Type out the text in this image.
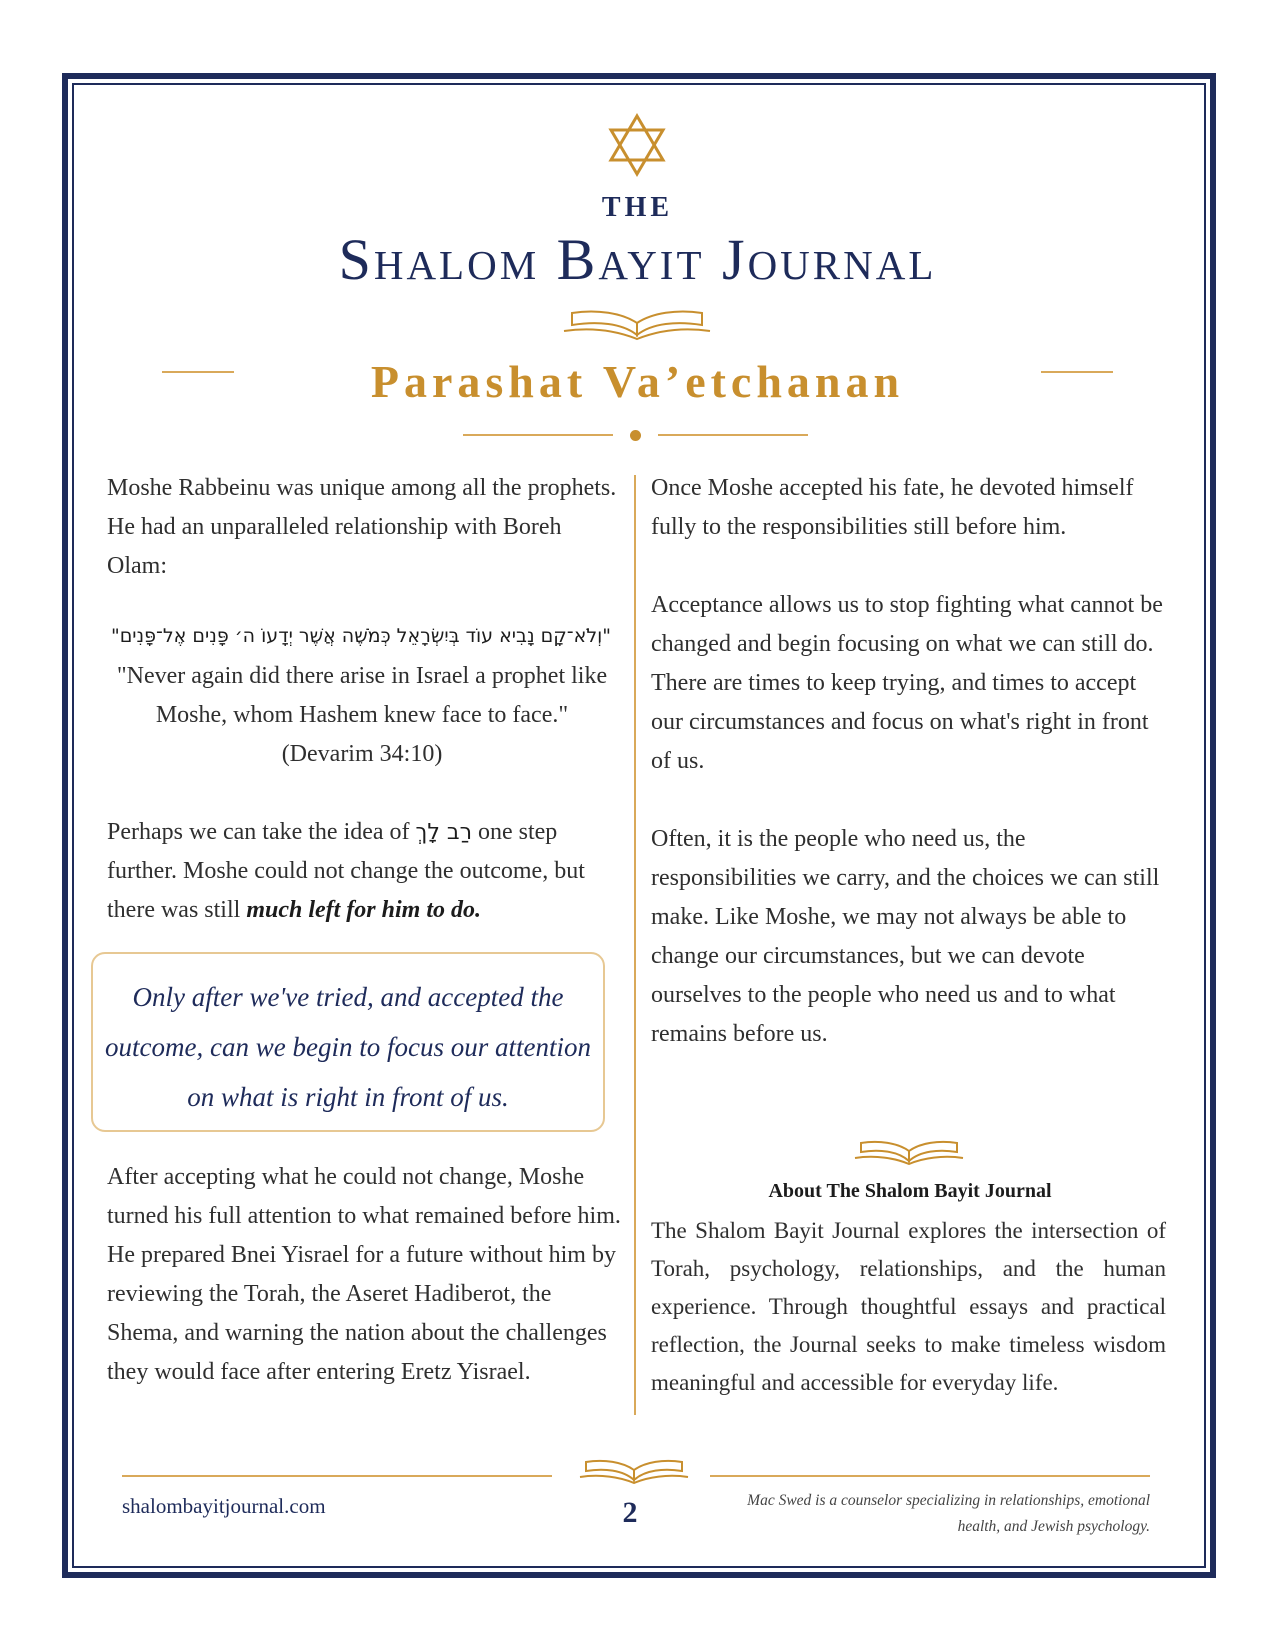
THE
Shalom Bayit Journal
Parashat Va’etchanan

Moshe Rabbeinu was unique among all the prophets. He had an unparalleled relationship with Boreh Olam:

"וְלֹא־קָם נָבִיא עוֹד בְּיִשְׂרָאֵל כְּמֹשֶׁה אֲשֶׁר יְדָעוֹ ה׳ פָּנִים אֶל־פָּנִים"

"Never again did there arise in Israel a prophet like Moshe, whom Hashem knew face to face."

(Devarim 34:10)

Perhaps we can take the idea of רַב לָךְ one step further. Moshe could not change the outcome, but there was still much left for him to do.

Only after we've tried, and accepted the outcome, can we begin to focus our attention on what is right in front of us.

After accepting what he could not change, Moshe turned his full attention to what remained before him. He prepared Bnei Yisrael for a future without him by reviewing the Torah, the Aseret Hadiberot, the Shema, and warning the nation about the challenges they would face after entering Eretz Yisrael.

Once Moshe accepted his fate, he devoted himself fully to the responsibilities still before him.

Acceptance allows us to stop fighting what cannot be changed and begin focusing on what we can still do. There are times to keep trying, and times to accept our circumstances and focus on what's right in front of us.

Often, it is the people who need us, the responsibilities we carry, and the choices we can still make. Like Moshe, we may not always be able to change our circumstances, but we can devote ourselves to the people who need us and to what remains before us.

About The Shalom Bayit Journal
The Shalom Bayit Journal explores the intersection of Torah, psychology, relationships, and the human experience. Through thoughtful essays and practical reflection, the Journal seeks to make timeless wisdom meaningful and accessible for everyday life.
shalombayitjournal.com	2	Mac Swed is a counselor specializing in relationships, emotional health, and Jewish psychology.
